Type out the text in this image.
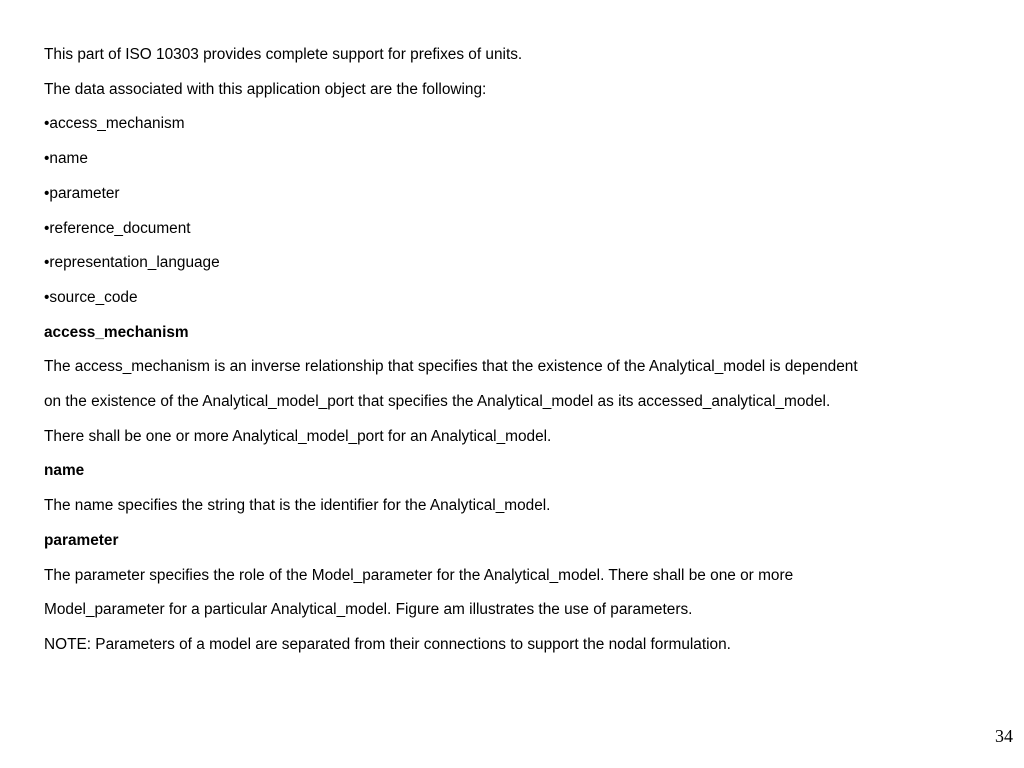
This part of ISO 10303 provides complete support for prefixes of units.

The data associated with this application object are the following:

•access_mechanism

•name

•parameter

•reference_document

•representation_language

•source_code

access_mechanism

The access_mechanism is an inverse relationship that specifies that the existence of the Analytical_model is dependent

on the existence of the Analytical_model_port that specifies the Analytical_model as its accessed_analytical_model.

There shall be one or more Analytical_model_port for an Analytical_model.

name

The name specifies the string that is the identifier for the Analytical_model.

parameter

The parameter specifies the role of the Model_parameter for the Analytical_model. There shall be one or more

Model_parameter for a particular Analytical_model. Figure am illustrates the use of parameters.

NOTE: Parameters of a model are separated from their connections to support the nodal formulation.

34
